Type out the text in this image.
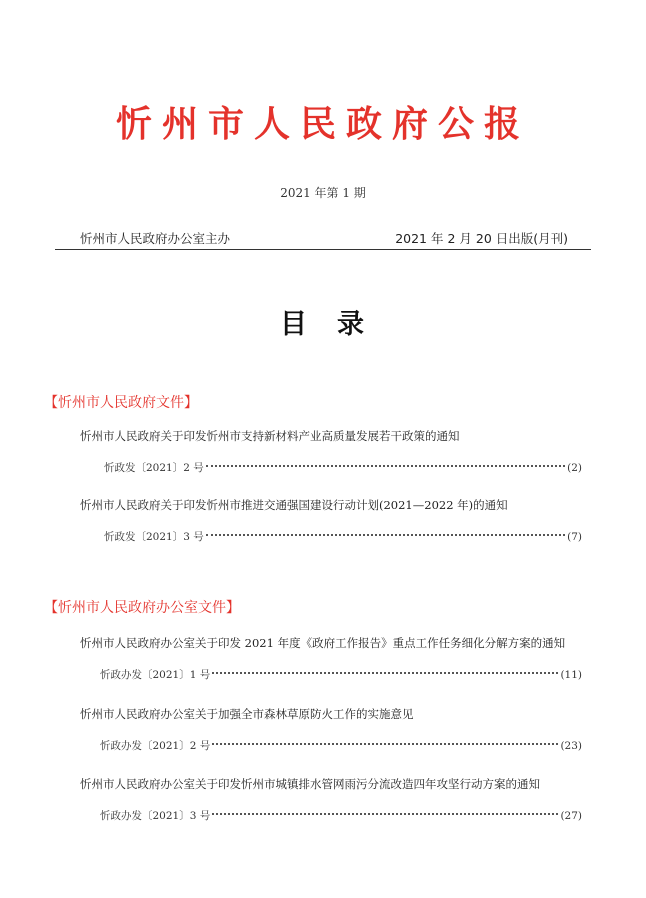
忻州市人民政府公报
2021 年第 1 期
忻州市人民政府办公室主办	2021 年 2 月 20 日出版(月刊)
目录
【忻州市人民政府文件】
忻州市人民政府关于印发忻州市支持新材料产业高质量发展若干政策的通知
忻政发〔2021〕2 号	(2)
忻州市人民政府关于印发忻州市推进交通强国建设行动计划(2021—2022 年)的通知
忻政发〔2021〕3 号	(7)
【忻州市人民政府办公室文件】
忻州市人民政府办公室关于印发 2021 年度《政府工作报告》重点工作任务细化分解方案的通知
忻政办发〔2021〕1 号	(11)
忻州市人民政府办公室关于加强全市森林草原防火工作的实施意见
忻政办发〔2021〕2 号	(23)
忻州市人民政府办公室关于印发忻州市城镇排水管网雨污分流改造四年攻坚行动方案的通知
忻政办发〔2021〕3 号	(27)
